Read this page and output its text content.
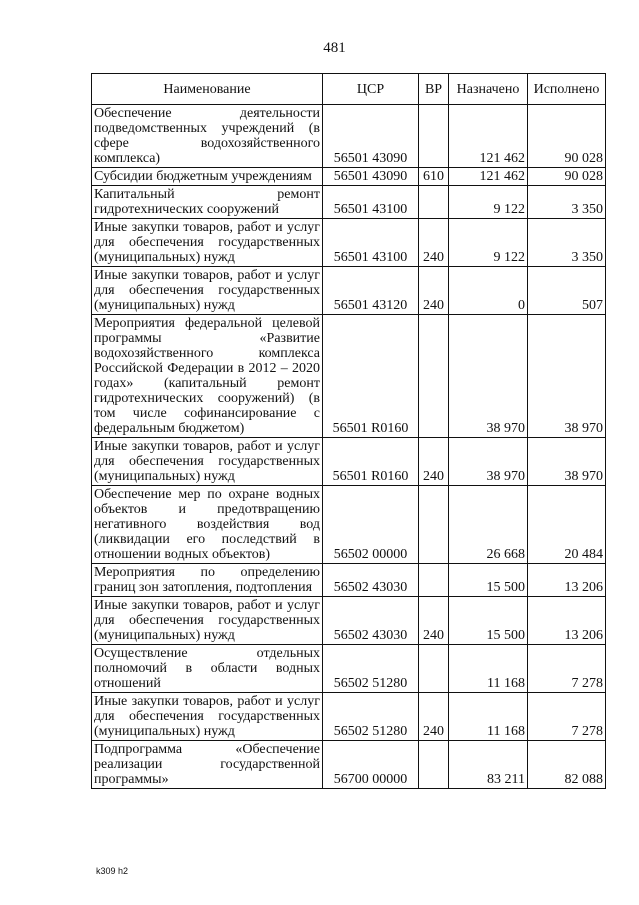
481
Наименование	ЦСР	ВР	Назначено	Исполнено
Обеспечение деятельности подведомственных учреждений (в сфере водохозяйственного комплекса)	56501 43090		121 462	90 028
Субсидии бюджетным учреждениям	56501 43090	610	121 462	90 028
Капитальный ремонт гидротехнических сооружений	56501 43100		9 122	3 350
Иные закупки товаров, работ и услуг для обеспечения государственных (муниципальных) нужд	56501 43100	240	9 122	3 350
Иные закупки товаров, работ и услуг для обеспечения государственных (муниципальных) нужд	56501 43120	240	0	507
Мероприятия федеральной целевой программы «Развитие водохозяйственного комплекса Российской Федерации в 2012 – 2020 годах» (капитальный ремонт гидротехнических сооружений) (в том числе софинансирование с федеральным бюджетом)	56501 R0160		38 970	38 970
Иные закупки товаров, работ и услуг для обеспечения государственных (муниципальных) нужд	56501 R0160	240	38 970	38 970
Обеспечение мер по охране водных объектов и предотвращению негативного воздействия вод (ликвидации его последствий в отношении водных объектов)	56502 00000		26 668	20 484
Мероприятия по определению границ зон затопления, подтопления	56502 43030		15 500	13 206
Иные закупки товаров, работ и услуг для обеспечения государственных (муниципальных) нужд	56502 43030	240	15 500	13 206
Осуществление отдельных полномочий в области водных отношений	56502 51280		11 168	7 278
Иные закупки товаров, работ и услуг для обеспечения государственных (муниципальных) нужд	56502 51280	240	11 168	7 278
Подпрограмма «Обеспечение реализации государственной программы»	56700 00000		83 211	82 088
k309 h2
